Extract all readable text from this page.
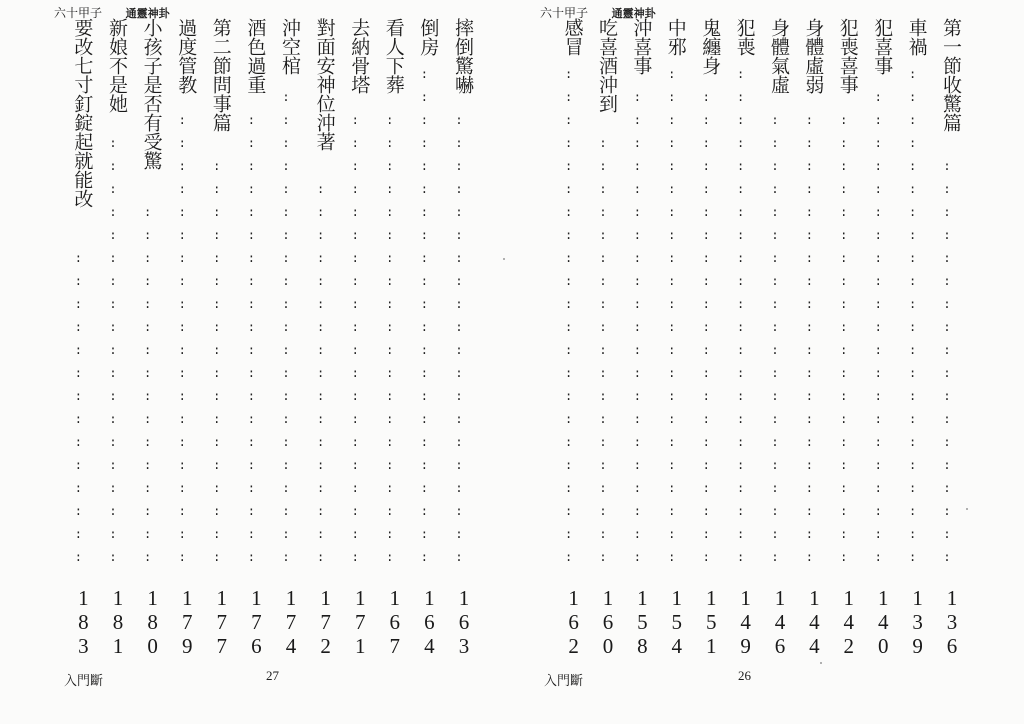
六十甲子 通靈神卦
摔倒驚嚇
:
:
:
:
:
:
:
:
:
:
:
:
:
:
:
:
:
:
:
:
163
倒房
:
:
:
:
:
:
:
:
:
:
:
:
:
:
:
:
:
:
:
:
:
:
164
看人下葬
:
:
:
:
:
:
:
:
:
:
:
:
:
:
:
:
:
:
:
:
167
去納骨塔
:
:
:
:
:
:
:
:
:
:
:
:
:
:
:
:
:
:
:
:
171
對面安神位沖著
:
:
:
:
:
:
:
:
:
:
:
:
:
:
:
:
:
172
沖空棺
:
:
:
:
:
:
:
:
:
:
:
:
:
:
:
:
:
:
:
:
:
174
酒色過重
:
:
:
:
:
:
:
:
:
:
:
:
:
:
:
:
:
:
:
:
176
第二節問事篇
:
:
:
:
:
:
:
:
:
:
:
:
:
:
:
:
:
:
177
過度管教
:
:
:
:
:
:
:
:
:
:
:
:
:
:
:
:
:
:
:
:
179
小孩子是否有受驚
:
:
:
:
:
:
:
:
:
:
:
:
:
:
:
:
180
新娘不是她
:
:
:
:
:
:
:
:
:
:
:
:
:
:
:
:
:
:
:
181
要改七寸釘錠起就能改
:
:
:
:
:
:
:
:
:
:
:
:
:
:
183
入門斷	27
六十甲子 通靈神卦
第一節收驚篇
:
:
:
:
:
:
:
:
:
:
:
:
:
:
:
:
:
:
136
車禍
:
:
:
:
:
:
:
:
:
:
:
:
:
:
:
:
:
:
:
:
:
:
139
犯喜事
:
:
:
:
:
:
:
:
:
:
:
:
:
:
:
:
:
:
:
:
:
140
犯喪喜事
:
:
:
:
:
:
:
:
:
:
:
:
:
:
:
:
:
:
:
:
142
身體虛弱
:
:
:
:
:
:
:
:
:
:
:
:
:
:
:
:
:
:
:
:
144
身體氣虛
:
:
:
:
:
:
:
:
:
:
:
:
:
:
:
:
:
:
:
:
146
犯喪
:
:
:
:
:
:
:
:
:
:
:
:
:
:
:
:
:
:
:
:
:
:
149
鬼纏身
:
:
:
:
:
:
:
:
:
:
:
:
:
:
:
:
:
:
:
:
:
151
中邪
:
:
:
:
:
:
:
:
:
:
:
:
:
:
:
:
:
:
:
:
:
:
154
沖喜事
:
:
:
:
:
:
:
:
:
:
:
:
:
:
:
:
:
:
:
:
:
158
吃喜酒沖到
:
:
:
:
:
:
:
:
:
:
:
:
:
:
:
:
:
:
:
160
感冒
:
:
:
:
:
:
:
:
:
:
:
:
:
:
:
:
:
:
:
:
:
:
162
入門斷	26
